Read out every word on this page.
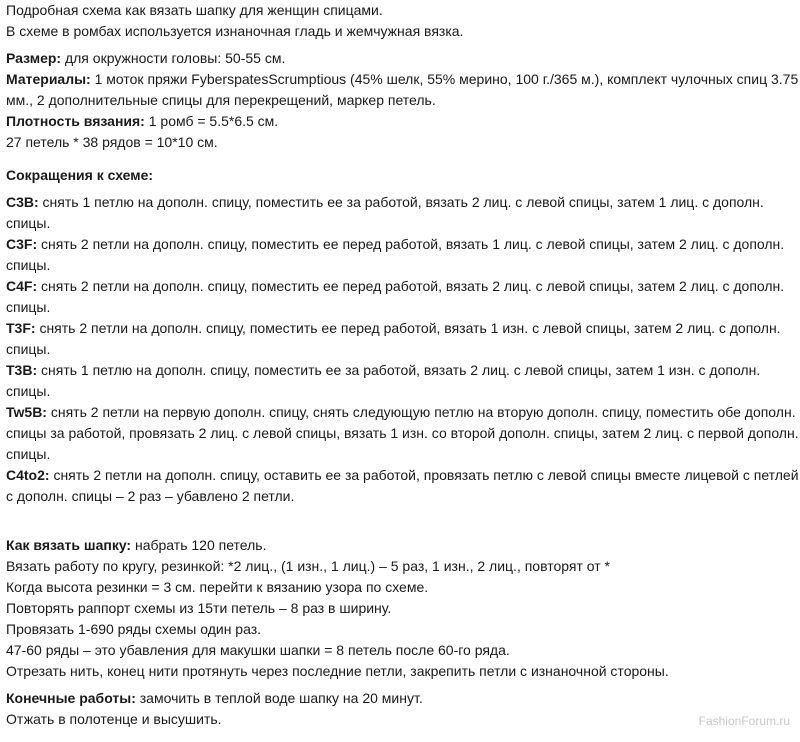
Подробная схема как вязать шапку для женщин спицами.
В схеме в ромбах используется изнаночная гладь и жемчужная вязка.
Размер: для окружности головы: 50-55 см.
Материалы: 1 моток пряжи FyberspatesScrumptious (45% шелк, 55% мерино, 100 г./365 м.), комплект чулочных спиц 3.75
мм., 2 дополнительные спицы для перекрещений, маркер петель.
Плотность вязания: 1 ромб = 5.5*6.5 см.
27 петель * 38 рядов = 10*10 см.
Сокращения к схеме:
C3B: снять 1 петлю на дополн. спицу, поместить ее за работой, вязать 2 лиц. с левой спицы, затем 1 лиц. с дополн.
спицы.
C3F: снять 2 петли на дополн. спицу, поместить ее перед работой, вязать 1 лиц. с левой спицы, затем 2 лиц. с дополн.
спицы.
C4F: снять 2 петли на дополн. спицу, поместить ее перед работой, вязать 2 лиц. с левой спицы, затем 2 лиц. с дополн.
спицы.
T3F: снять 2 петли на дополн. спицу, поместить ее перед работой, вязать 1 изн. с левой спицы, затем 2 лиц. с дополн.
спицы.
T3B: снять 1 петлю на дополн. спицу, поместить ее за работой, вязать 2 лиц. с левой спицы, затем 1 изн. с дополн.
спицы.
Tw5B: снять 2 петли на первую дополн. спицу, снять следующую петлю на вторую дополн. спицу, поместить обе дополн.
спицы за работой, провязать 2 лиц. с левой спицы, вязать 1 изн. со второй дополн. спицы, затем 2 лиц. с первой дополн.
спицы.
C4to2: снять 2 петли на дополн. спицу, оставить ее за работой, провязать петлю с левой спицы вместе лицевой с петлей
с дополн. спицы – 2 раз – убавлено 2 петли.
Как вязать шапку: набрать 120 петель.
Вязать работу по кругу, резинкой: *2 лиц., (1 изн., 1 лиц.) – 5 раз, 1 изн., 2 лиц., повторят от *
Когда высота резинки = 3 см. перейти к вязанию узора по схеме.
Повторять раппорт схемы из 15ти петель – 8 раз в ширину.
Провязать 1-690 ряды схемы один раз.
47-60 ряды – это убавления для макушки шапки = 8 петель после 60-го ряда.
Отрезать нить, конец нити протянуть через последние петли, закрепить петли с изнаночной стороны.
Конечные работы: замочить в теплой воде шапку на 20 минут.
Отжать в полотенце и высушить.	FashionForum.ru
